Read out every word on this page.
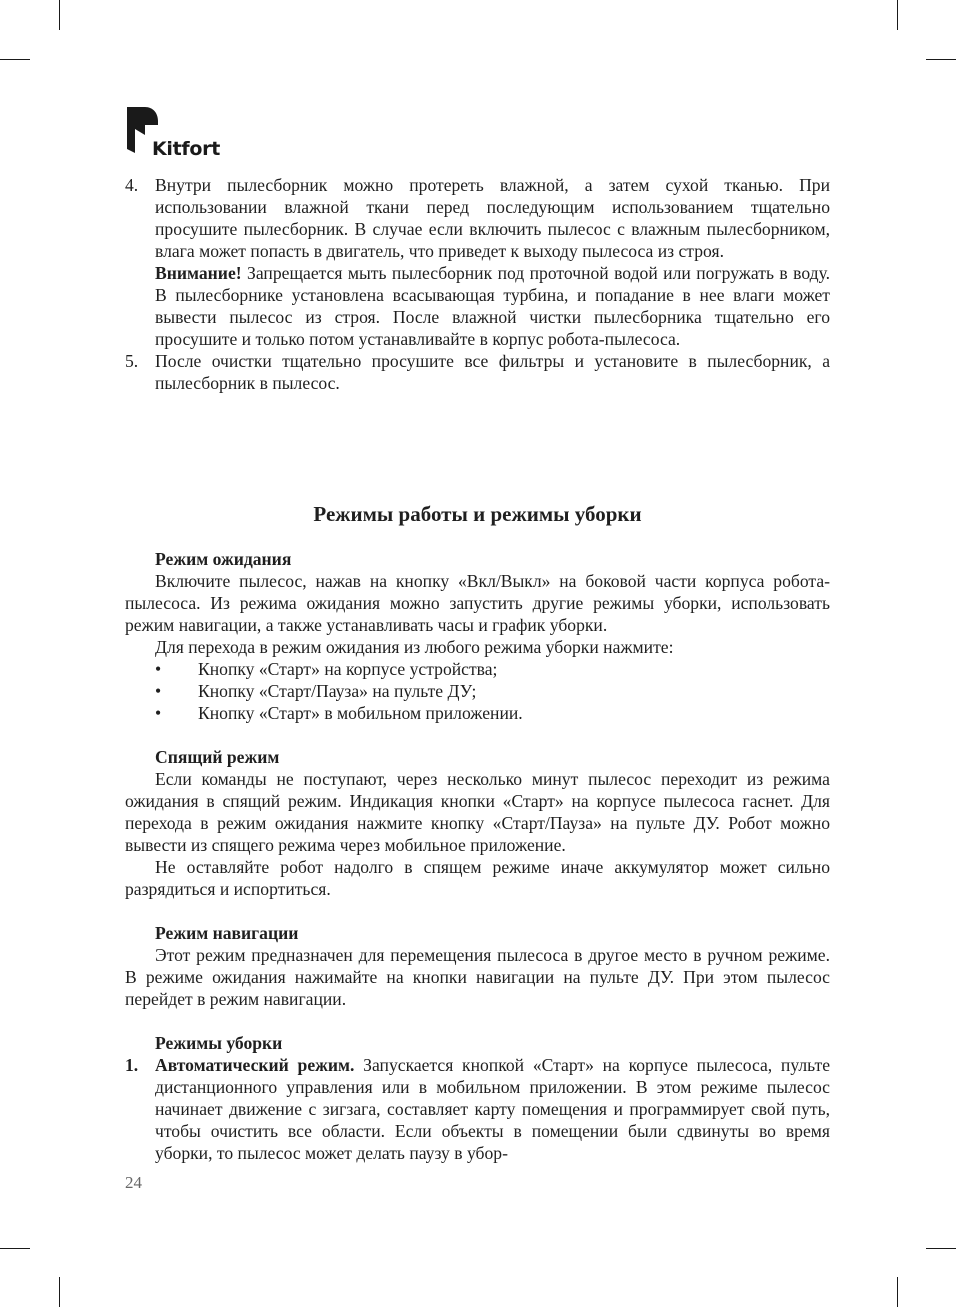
Kitfort
4. Внутри пылесборник можно протереть влажной, а затем сухой тканью. При использовании влажной ткани перед последующим использованием тщательно просушите пылесборник. В случае если включить пылесос с влажным пылесборником, влага может попасть в двигатель, что приведет к выходу пылесоса из строя.

Внимание! Запрещается мыть пылесборник под проточной водой или погружать в воду. В пылесборнике установлена всасывающая турбина, и попадание в нее влаги может вывести пылесос из строя. После влажной чистки пылесборника тщательно его просушите и только потом устанавливайте в корпус робота-пылесоса.

5. После очистки тщательно просушите все фильтры и установите в пылесборник, а пылесборник в пылесос.

Режимы работы и режимы уборки
Режим ожидания

Включите пылесос, нажав на кнопку «Вкл/Выкл» на боковой части корпуса робота-пылесоса. Из режима ожидания можно запустить другие режимы уборки, использовать режим навигации, а также устанавливать часы и график уборки.

Для перехода в режим ожидания из любого режима уборки нажмите:

• Кнопку «Старт» на корпусе устройства;
• Кнопку «Старт/Пауза» на пульте ДУ;
• Кнопку «Старт» в мобильном приложении.
Спящий режим

Если команды не поступают, через несколько минут пылесос переходит из режима ожидания в спящий режим. Индикация кнопки «Старт» на корпусе пылесоса гаснет. Для перехода в режим ожидания нажмите кнопку «Старт/Пауза» на пульте ДУ. Робот можно вывести из спящего режима через мобильное приложение.

Не оставляйте робот надолго в спящем режиме иначе аккумулятор может сильно разрядиться и испортиться.

Режим навигации

Этот режим предназначен для перемещения пылесоса в другое место в ручном режиме. В режиме ожидания нажимайте на кнопки навигации на пульте ДУ. При этом пылесос перейдет в режим навигации.

Режимы уборки
1. Автоматический режим. Запускается кнопкой «Старт» на корпусе пылесоса, пульте дистанционного управления или в мобильном приложении. В этом режиме пылесос начинает движение с зигзага, составляет карту помещения и программирует свой путь, чтобы очистить все области. Если объекты в помещении были сдвинуты во время уборки, то пылесос может делать паузу в убор-

24
